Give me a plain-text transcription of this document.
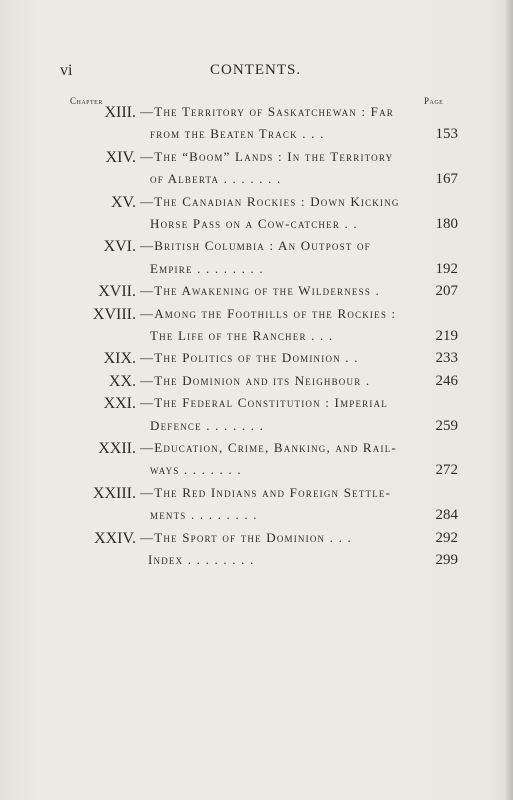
vi	CONTENTS.
Chapter	Page
XIII. —The Territory of Saskatchewan : Far
from the Beaten Track . . .	153
XIV. —The “Boom” Lands : In the Territory
of Alberta . . . . . . .	167
XV. —The Canadian Rockies : Down Kicking
Horse Pass on a Cow-catcher . .	180
XVI. —British Columbia : An Outpost of
Empire . . . . . . . .	192
XVII. —The Awakening of the Wilderness .	207
XVIII. —Among the Foothills of the Rockies :
The Life of the Rancher . . .	219
XIX. —The Politics of the Dominion . .	233
XX. —The Dominion and its Neighbour .	246
XXI. —The Federal Constitution : Imperial
Defence . . . . . . .	259
XXII. —Education, Crime, Banking, and Rail-
ways . . . . . . .	272
XXIII. —The Red Indians and Foreign Settle-
ments . . . . . . . .	284
XXIV. —The Sport of the Dominion . . .	292
Index . . . . . . . .	299
